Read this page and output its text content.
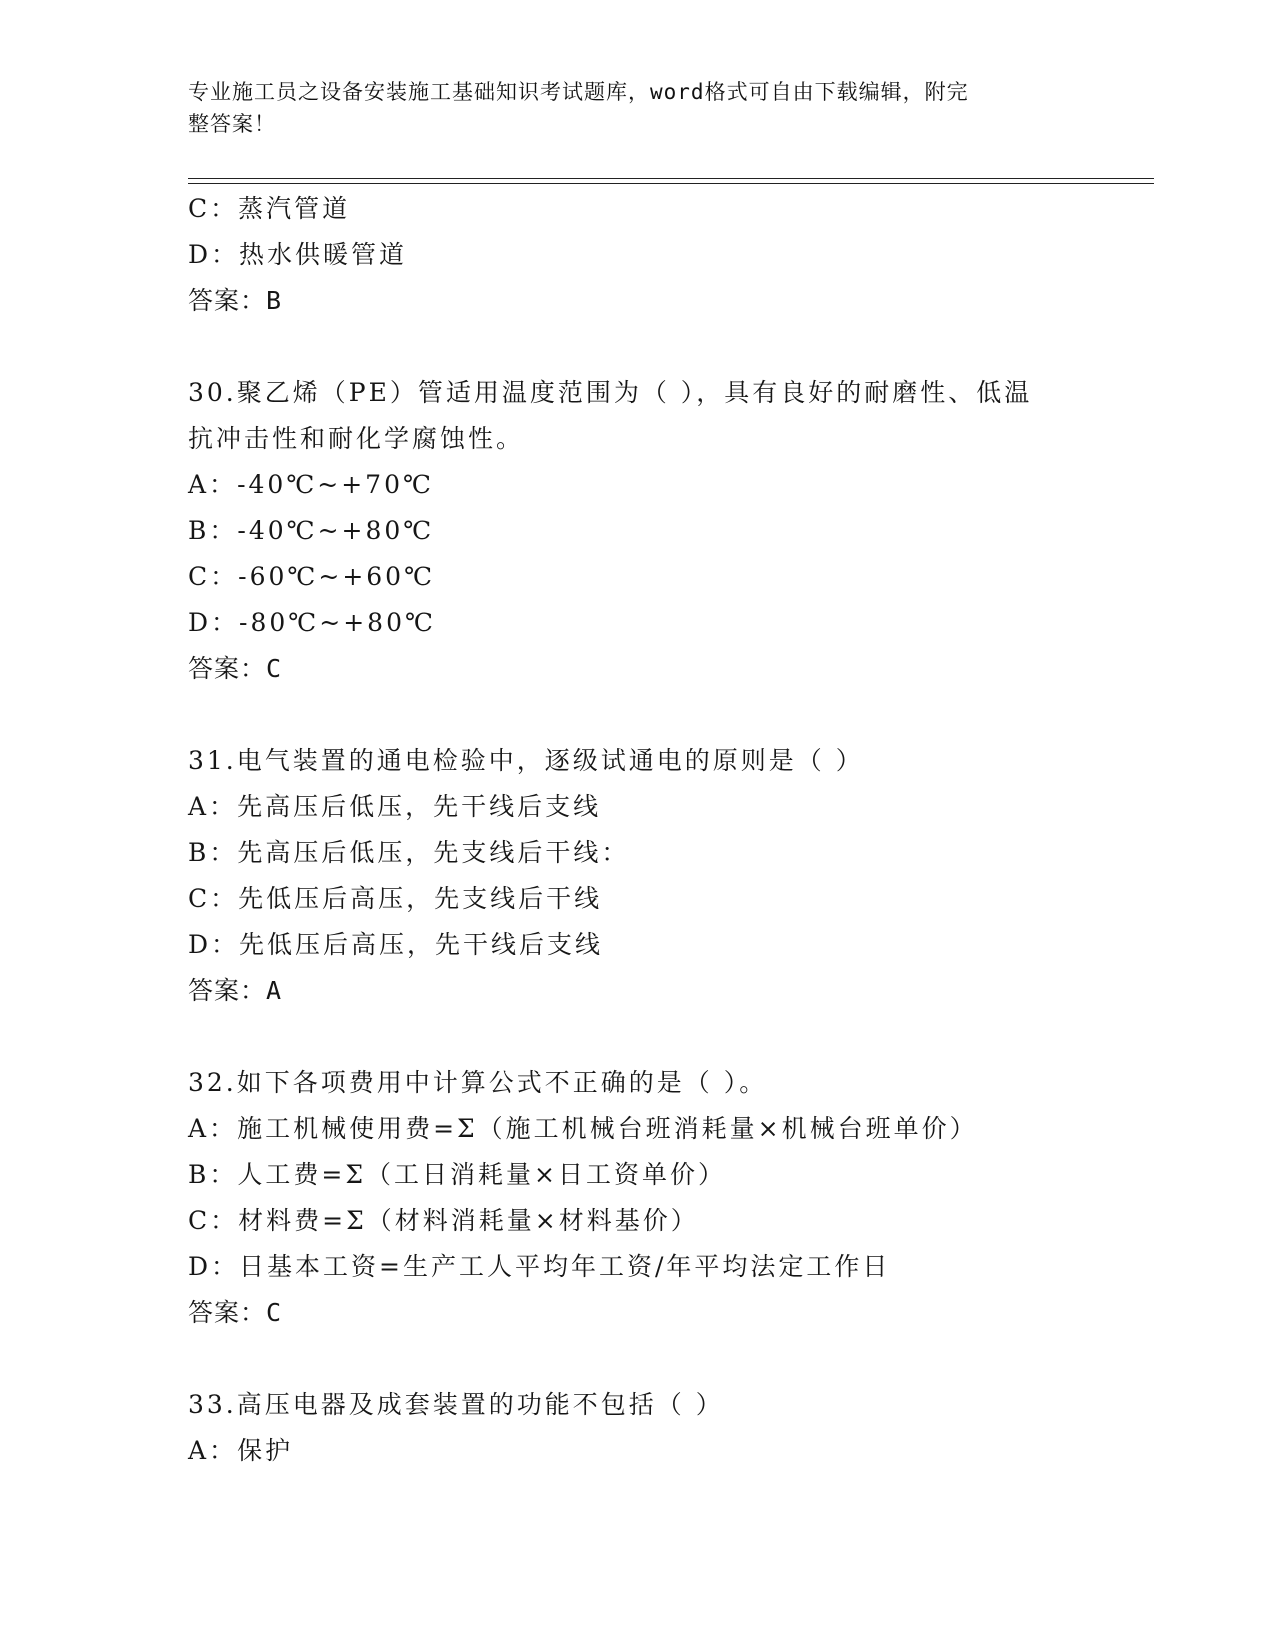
专业施工员之设备安装施工基础知识考试题库，word格式可自由下载编辑，附完
整答案！
C：蒸汽管道
D：热水供暖管道
答案：B
30.聚乙烯（PE）管适用温度范围为（ ），具有良好的耐磨性、低温
抗冲击性和耐化学腐蚀性。
A：-40℃~+70℃
B：-40℃~+80℃
C：-60℃~+60℃
D：-80℃~+80℃
答案：C
31.电气装置的通电检验中，逐级试通电的原则是（ ）
A：先高压后低压，先干线后支线
B：先高压后低压，先支线后干线：
C：先低压后高压，先支线后干线
D：先低压后高压，先干线后支线
答案：A
32.如下各项费用中计算公式不正确的是（ ）。
A：施工机械使用费=Σ（施工机械台班消耗量×机械台班单价）
B：人工费=Σ（工日消耗量×日工资单价）
C：材料费=Σ（材料消耗量×材料基价）
D：日基本工资=生产工人平均年工资/年平均法定工作日
答案：C
33.高压电器及成套装置的功能不包括（ ）
A：保护
